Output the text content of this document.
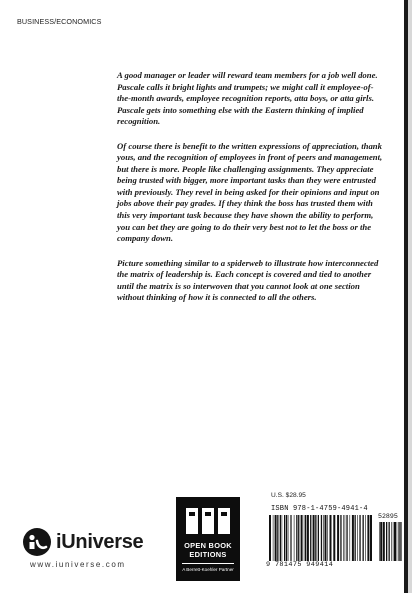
BUSINESS/ECONOMICS

A good manager or leader will reward team members for a job well done. Pascale calls it bright lights and trumpets; we might call it employee-of-the-month awards, employee recognition reports, atta boys, or atta girls. Pascale gets into something else with the Eastern thinking of implied recognition.

Of course there is benefit to the written expressions of appreciation, thank yous, and the recognition of employees in front of peers and management, but there is more. People like challenging assignments. They appreciate being trusted with bigger, more important tasks than they were entrusted with previously. They revel in being asked for their opinions and input on jobs above their pay grades. If they think the boss has trusted them with this very important task because they have shown the ability to perform, you can bet they are going to do their very best not to let the boss or the company down.

Picture something similar to a spiderweb to illustrate how interconnected the matrix of leadership is. Each concept is covered and tied to another until the matrix is so interwoven that you cannot look at one section without thinking of how it is connected to all the others.

iUniverse
www.iuniverse.com
OPEN BOOK
EDITIONS
A Berrett-Koehler Partner
U.S. $28.95
ISBN 978-1-4759-4941-4
52895
9 781475 949414
